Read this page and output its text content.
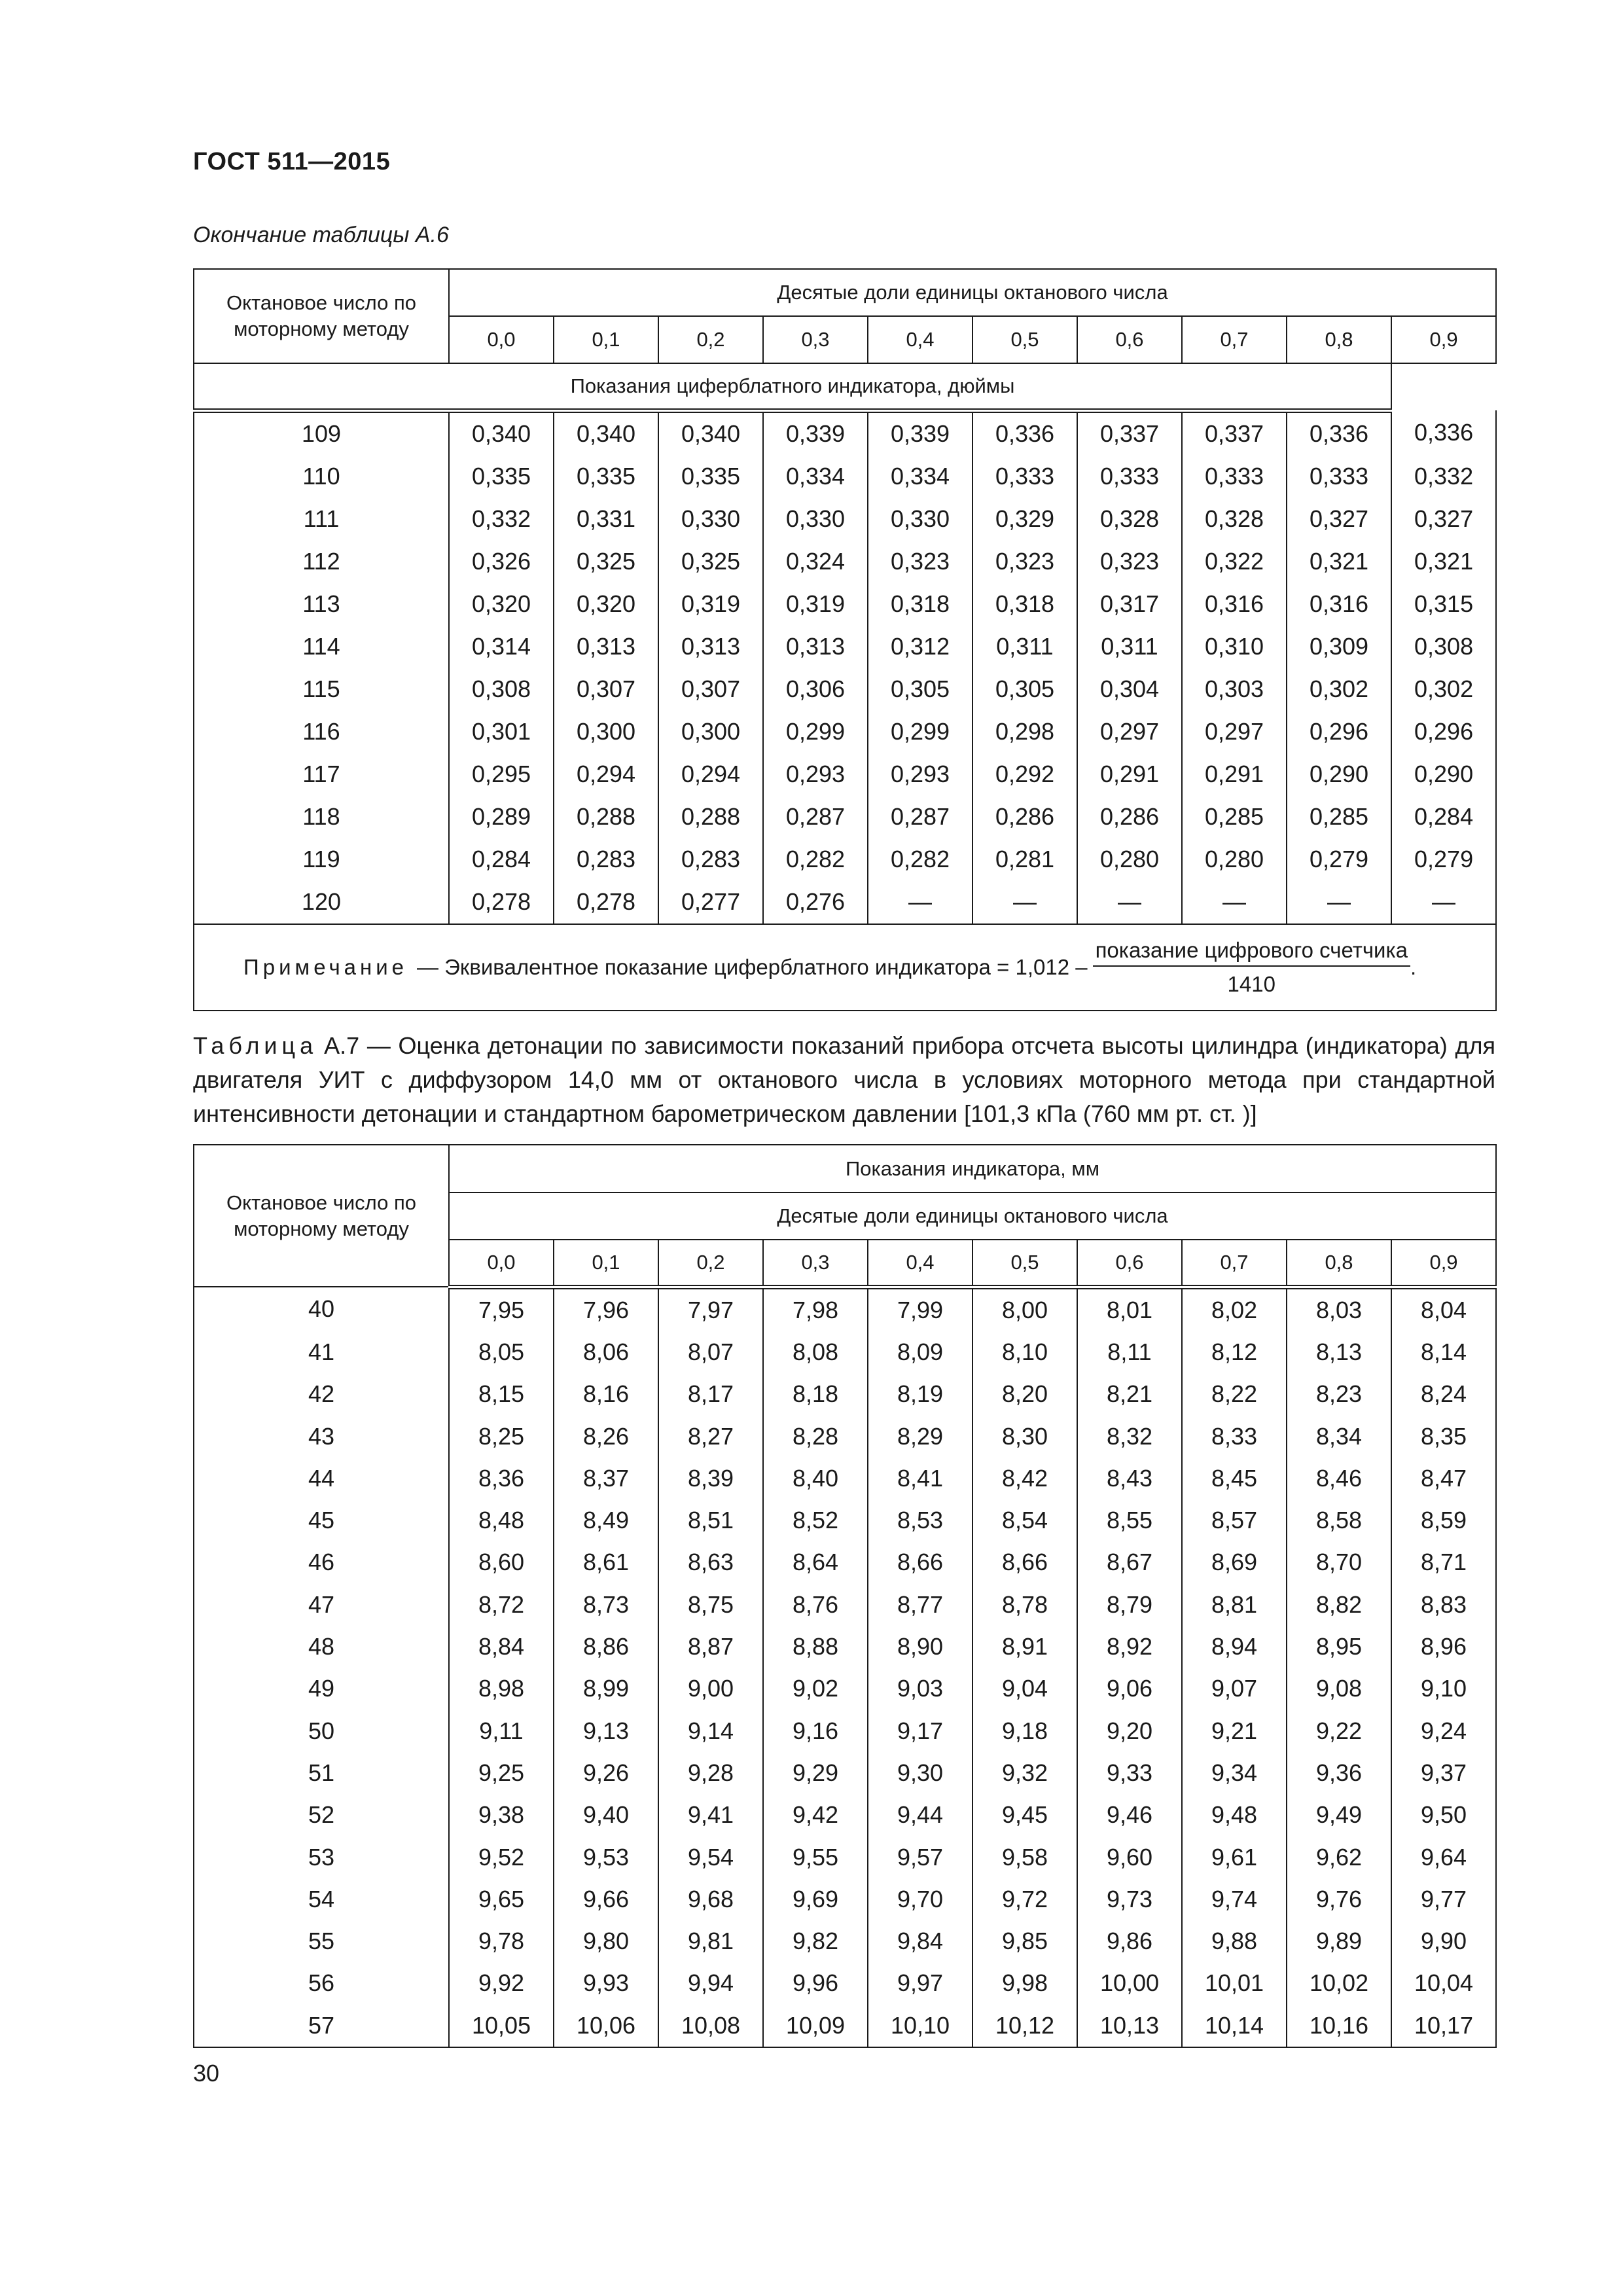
ГОСТ 511—2015
Окончание таблицы А.6
Октановое число по моторному методу	Десятые доли единицы октанового числа									
	0,0	0,1	0,2	0,3	0,4	0,5	0,6	0,7	0,8	0,9
Показания циферблатного индикатора, дюймы										
109	0,340	0,340	0,340	0,339	0,339	0,336	0,337	0,337	0,336	0,336
110	0,335	0,335	0,335	0,334	0,334	0,333	0,333	0,333	0,333	0,332
111	0,332	0,331	0,330	0,330	0,330	0,329	0,328	0,328	0,327	0,327
112	0,326	0,325	0,325	0,324	0,323	0,323	0,323	0,322	0,321	0,321
113	0,320	0,320	0,319	0,319	0,318	0,318	0,317	0,316	0,316	0,315
114	0,314	0,313	0,313	0,313	0,312	0,311	0,311	0,310	0,309	0,308
115	0,308	0,307	0,307	0,306	0,305	0,305	0,304	0,303	0,302	0,302
116	0,301	0,300	0,300	0,299	0,299	0,298	0,297	0,297	0,296	0,296
117	0,295	0,294	0,294	0,293	0,293	0,292	0,291	0,291	0,290	0,290
118	0,289	0,288	0,288	0,287	0,287	0,286	0,286	0,285	0,285	0,284
119	0,284	0,283	0,283	0,282	0,282	0,281	0,280	0,280	0,279	0,279
120	0,278	0,278	0,277	0,276	—	—	—	—	—	—

Примечание — Эквивалентное показание циферблатного индикатора = $1,012 - \frac{\text{показание цифрового счетчика}}{1410}$ .										
Таблица А.7 — Оценка детонации по зависимости показаний прибора отсчета высоты цилиндра (индикатора) для двигателя УИТ с диффузором 14,0 мм от октанового числа в условиях моторного метода при стандартной интенсивности детонации и стандартном барометрическом давлении [101,3 кПа (760 мм рт. ст. )]
Октановое число по моторному методу	Показания индикатора, мм									
	Десятые доли единицы октанового числа									
	0,0	0,1	0,2	0,3	0,4	0,5	0,6	0,7	0,8	0,9
40	7,95	7,96	7,97	7,98	7,99	8,00	8,01	8,02	8,03	8,04
41	8,05	8,06	8,07	8,08	8,09	8,10	8,11	8,12	8,13	8,14
42	8,15	8,16	8,17	8,18	8,19	8,20	8,21	8,22	8,23	8,24
43	8,25	8,26	8,27	8,28	8,29	8,30	8,32	8,33	8,34	8,35
44	8,36	8,37	8,39	8,40	8,41	8,42	8,43	8,45	8,46	8,47
45	8,48	8,49	8,51	8,52	8,53	8,54	8,55	8,57	8,58	8,59
46	8,60	8,61	8,63	8,64	8,66	8,66	8,67	8,69	8,70	8,71
47	8,72	8,73	8,75	8,76	8,77	8,78	8,79	8,81	8,82	8,83
48	8,84	8,86	8,87	8,88	8,90	8,91	8,92	8,94	8,95	8,96
49	8,98	8,99	9,00	9,02	9,03	9,04	9,06	9,07	9,08	9,10
50	9,11	9,13	9,14	9,16	9,17	9,18	9,20	9,21	9,22	9,24
51	9,25	9,26	9,28	9,29	9,30	9,32	9,33	9,34	9,36	9,37
52	9,38	9,40	9,41	9,42	9,44	9,45	9,46	9,48	9,49	9,50
53	9,52	9,53	9,54	9,55	9,57	9,58	9,60	9,61	9,62	9,64
54	9,65	9,66	9,68	9,69	9,70	9,72	9,73	9,74	9,76	9,77
55	9,78	9,80	9,81	9,82	9,84	9,85	9,86	9,88	9,89	9,90
56	9,92	9,93	9,94	9,96	9,97	9,98	10,00	10,01	10,02	10,04
57	10,05	10,06	10,08	10,09	10,10	10,12	10,13	10,14	10,16	10,17
30
